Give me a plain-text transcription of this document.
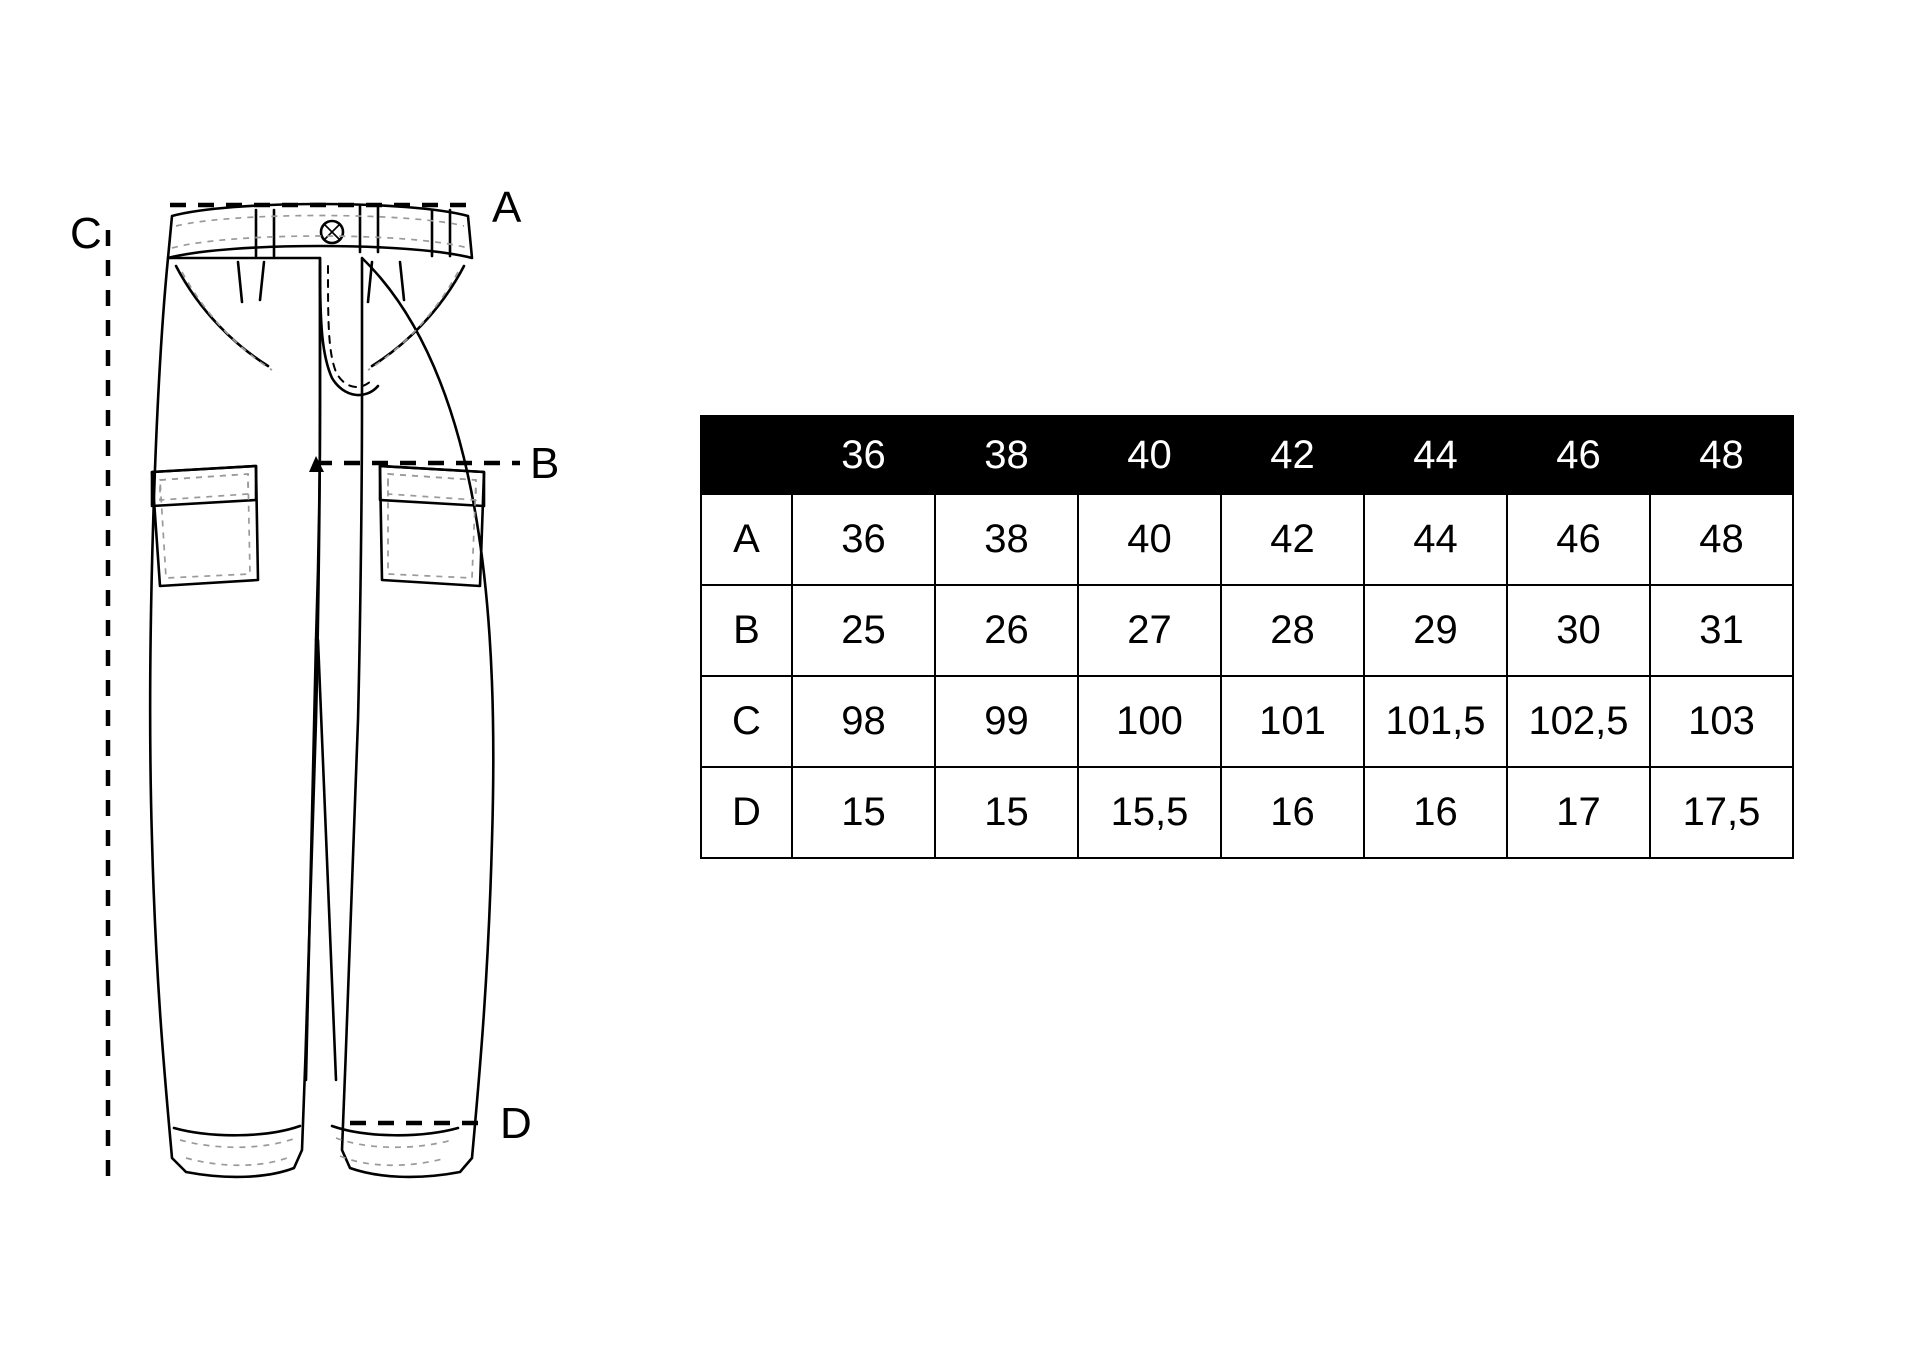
A
B
C
D
	36	38	40	42	44	46	48
A	36	38	40	42	44	46	48
B	25	26	27	28	29	30	31
C	98	99	100	101	101,5	102,5	103
D	15	15	15,5	16	16	17	17,5
